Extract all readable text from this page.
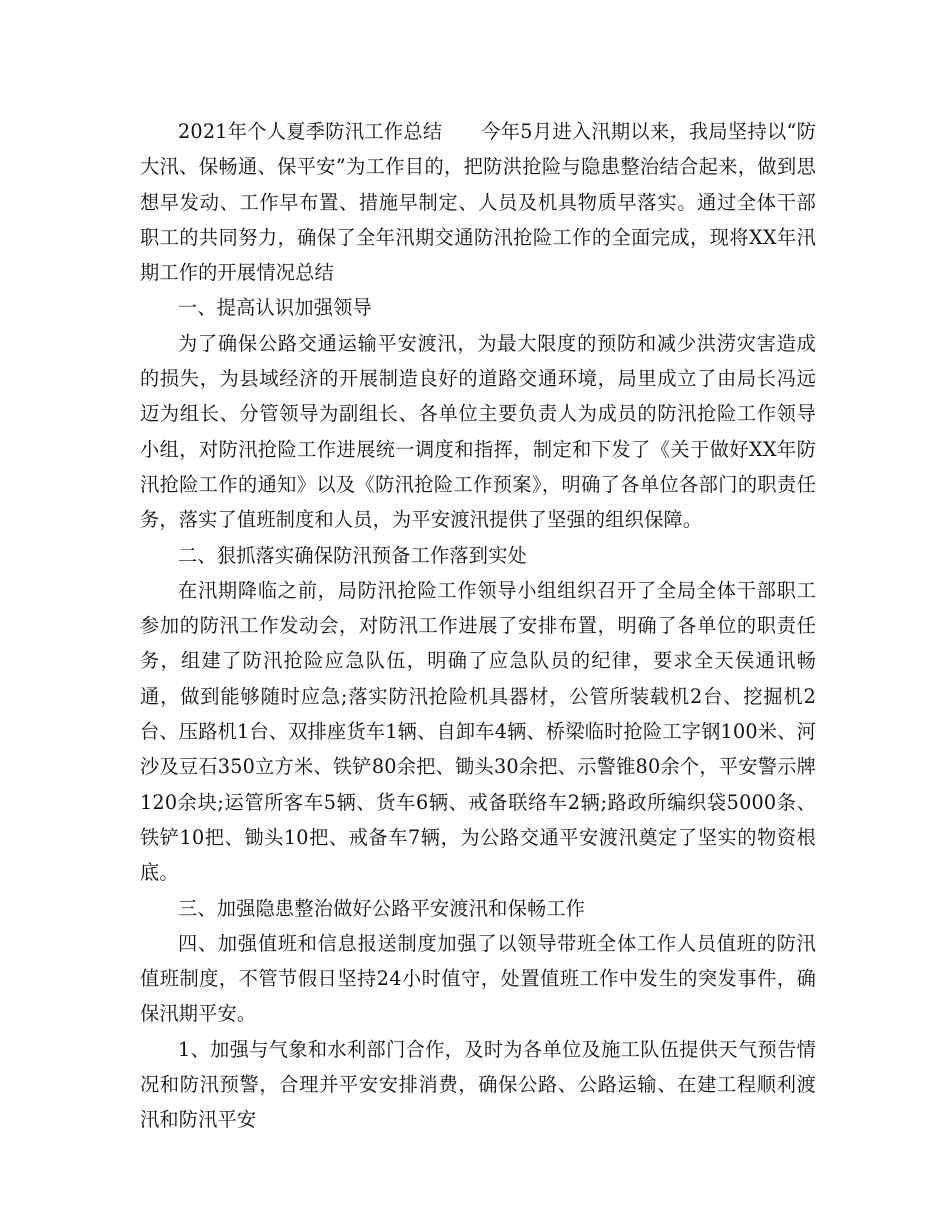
2021年个人夏季防汛工作总结   今年5月进入汛期以来，我局坚持以“防大汛、保畅通、保平安”为工作目的，把防洪抢险与隐患整治结合起来，做到思想早发动、工作早布置、措施早制定、人员及机具物质早落实。通过全体干部职工的共同努力，确保了全年汛期交通防汛抢险工作的全面完成，现将XX年汛期工作的开展情况总结

一、提高认识加强领导

为了确保公路交通运输平安渡汛，为最大限度的预防和减少洪涝灾害造成的损失，为县域经济的开展制造良好的道路交通环境，局里成立了由局长冯远迈为组长、分管领导为副组长、各单位主要负责人为成员的防汛抢险工作领导小组，对防汛抢险工作进展统一调度和指挥，制定和下发了《关于做好XX年防汛抢险工作的通知》以及《防汛抢险工作预案》，明确了各单位各部门的职责任务，落实了值班制度和人员，为平安渡汛提供了坚强的组织保障。

二、狠抓落实确保防汛预备工作落到实处

在汛期降临之前，局防汛抢险工作领导小组组织召开了全局全体干部职工参加的防汛工作发动会，对防汛工作进展了安排布置，明确了各单位的职责任务，组建了防汛抢险应急队伍，明确了应急队员的纪律，要求全天侯通讯畅通，做到能够随时应急;落实防汛抢险机具器材，公管所装载机2台、挖掘机2台、压路机1台、双排座货车1辆、自卸车4辆、桥梁临时抢险工字钢100米、河沙及豆石350立方米、铁铲80余把、锄头30余把、示警锥80余个，平安警示牌120余块;运管所客车5辆、货车6辆、戒备联络车2辆;路政所编织袋5000条、铁铲10把、锄头10把、戒备车7辆，为公路交通平安渡汛奠定了坚实的物资根底。

三、加强隐患整治做好公路平安渡汛和保畅工作

四、加强值班和信息报送制度加强了以领导带班全体工作人员值班的防汛值班制度，不管节假日坚持24小时值守，处置值班工作中发生的突发事件，确保汛期平安。

1、加强与气象和水利部门合作，及时为各单位及施工队伍提供天气预告情况和防汛预警，合理并平安安排消费，确保公路、公路运输、在建工程顺利渡汛和防汛平安
